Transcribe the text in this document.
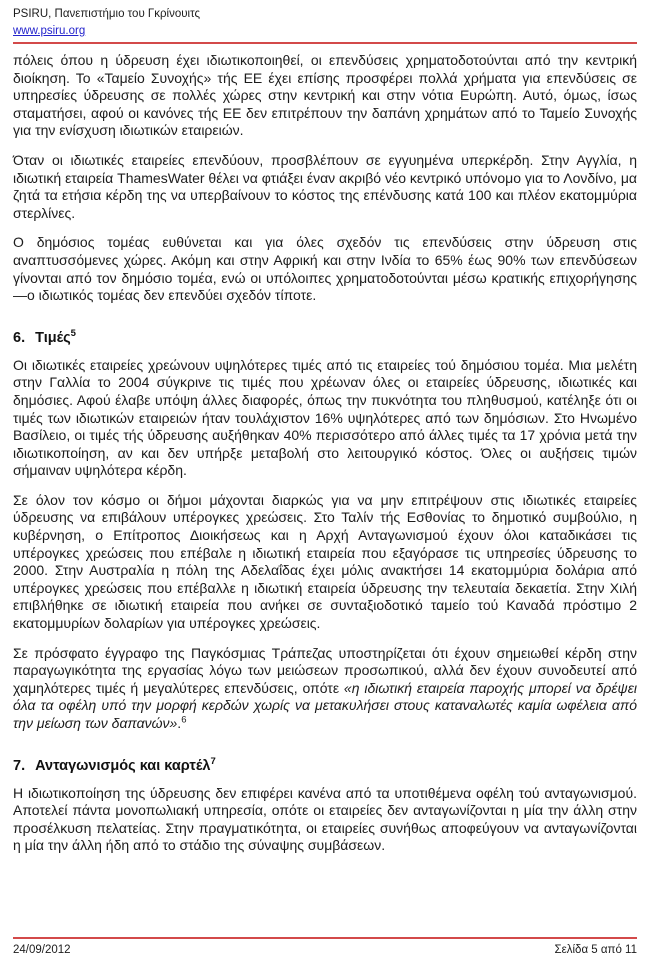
PSIRU, Πανεπιστήμιο του Γκρίνουιτς
www.psiru.org

πόλεις όπου η ύδρευση έχει ιδιωτικοποιηθεί, οι επενδύσεις χρηματοδοτούνται από την κεντρική διοίκηση. Το «Ταμείο Συνοχής» τής ΕΕ έχει επίσης προσφέρει πολλά χρήματα για επενδύσεις σε υπηρεσίες ύδρευσης σε πολλές χώρες στην κεντρική και στην νότια Ευρώπη. Αυτό, όμως, ίσως σταματήσει, αφού οι κανόνες τής ΕΕ δεν επιτρέπουν την δαπάνη χρημάτων από το Ταμείο Συνοχής για την ενίσχυση ιδιωτικών εταιρειών.

Όταν οι ιδιωτικές εταιρείες επενδύουν, προσβλέπουν σε εγγυημένα υπερκέρδη. Στην Αγγλία, η ιδιωτική εταιρεία ThamesWater θέλει να φτιάξει έναν ακριβό νέο κεντρικό υπόνομο για το Λονδίνο, μα ζητά τα ετήσια κέρδη της να υπερβαίνουν το κόστος της επένδυσης κατά 100 και πλέον εκατομμύρια στερλίνες.

Ο δημόσιος τομέας ευθύνεται και για όλες σχεδόν τις επενδύσεις στην ύδρευση στις αναπτυσσόμενες χώρες. Ακόμη και στην Αφρική και στην Ινδία το 65% έως 90% των επενδύσεων γίνονται από τον δημόσιο τομέα, ενώ οι υπόλοιπες χρηματοδοτούνται μέσω κρατικής επιχορήγησης —ο ιδιωτικός τομέας δεν επενδύει σχεδόν τίποτε.

6. Τιμές$^5$

Οι ιδιωτικές εταιρείες χρεώνουν υψηλότερες τιμές από τις εταιρείες τού δημόσιου τομέα. Μια μελέτη στην Γαλλία το 2004 σύγκρινε τις τιμές που χρέωναν όλες οι εταιρείες ύδρευσης, ιδιωτικές και δημόσιες. Αφού έλαβε υπόψη άλλες διαφορές, όπως την πυκνότητα του πληθυσμού, κατέληξε ότι οι τιμές των ιδιωτικών εταιρειών ήταν τουλάχιστον 16% υψηλότερες από των δημόσιων. Στο Ηνωμένο Βασίλειο, οι τιμές τής ύδρευσης αυξήθηκαν 40% περισσότερο από άλλες τιμές τα 17 χρόνια μετά την ιδιωτικοποίηση, αν και δεν υπήρξε μεταβολή στο λειτουργικό κόστος. Όλες οι αυξήσεις τιμών σήμαιναν υψηλότερα κέρδη.

Σε όλον τον κόσμο οι δήμοι μάχονται διαρκώς για να μην επιτρέψουν στις ιδιωτικές εταιρείες ύδρευσης να επιβάλουν υπέρογκες χρεώσεις. Στο Ταλίν τής Εσθονίας το δημοτικό συμβούλιο, η κυβέρνηση, ο Επίτροπος Διοικήσεως και η Αρχή Ανταγωνισμού έχουν όλοι καταδικάσει τις υπέρογκες χρεώσεις που επέβαλε η ιδιωτική εταιρεία που εξαγόρασε τις υπηρεσίες ύδρευσης το 2000. Στην Αυστραλία η πόλη της Αδελαΐδας έχει μόλις ανακτήσει 14 εκατομμύρια δολάρια από υπέρογκες χρεώσεις που επέβαλλε η ιδιωτική εταιρεία ύδρευσης την τελευταία δεκαετία. Στην Χιλή επιβλήθηκε σε ιδιωτική εταιρεία που ανήκει σε συνταξιοδοτικό ταμείο τού Καναδά πρόστιμο 2 εκατομμυρίων δολαρίων για υπέρογκες χρεώσεις.

Σε πρόσφατο έγγραφο της Παγκόσμιας Τράπεζας υποστηρίζεται ότι έχουν σημειωθεί κέρδη στην παραγωγικότητα της εργασίας λόγω των μειώσεων προσωπικού, αλλά δεν έχουν συνοδευτεί από χαμηλότερες τιμές ή μεγαλύτερες επενδύσεις, οπότε «η ιδιωτική εταιρεία παροχής μπορεί να δρέψει όλα τα οφέλη υπό την μορφή κερδών χωρίς να μετακυλήσει στους καταναλωτές καμία ωφέλεια από την μείωση των δαπανών».$^6$

7. Ανταγωνισμός και καρτέλ$^7$

Η ιδιωτικοποίηση της ύδρευσης δεν επιφέρει κανένα από τα υποτιθέμενα οφέλη τού ανταγωνισμού. Αποτελεί πάντα μονοπωλιακή υπηρεσία, οπότε οι εταιρείες δεν ανταγωνίζονται η μία την άλλη στην προσέλκυση πελατείας. Στην πραγματικότητα, οι εταιρείες συνήθως αποφεύγουν να ανταγωνίζονται η μία την άλλη ήδη από το στάδιο της σύναψης συμβάσεων.

24/09/2012	Σελίδα 5 από 11
